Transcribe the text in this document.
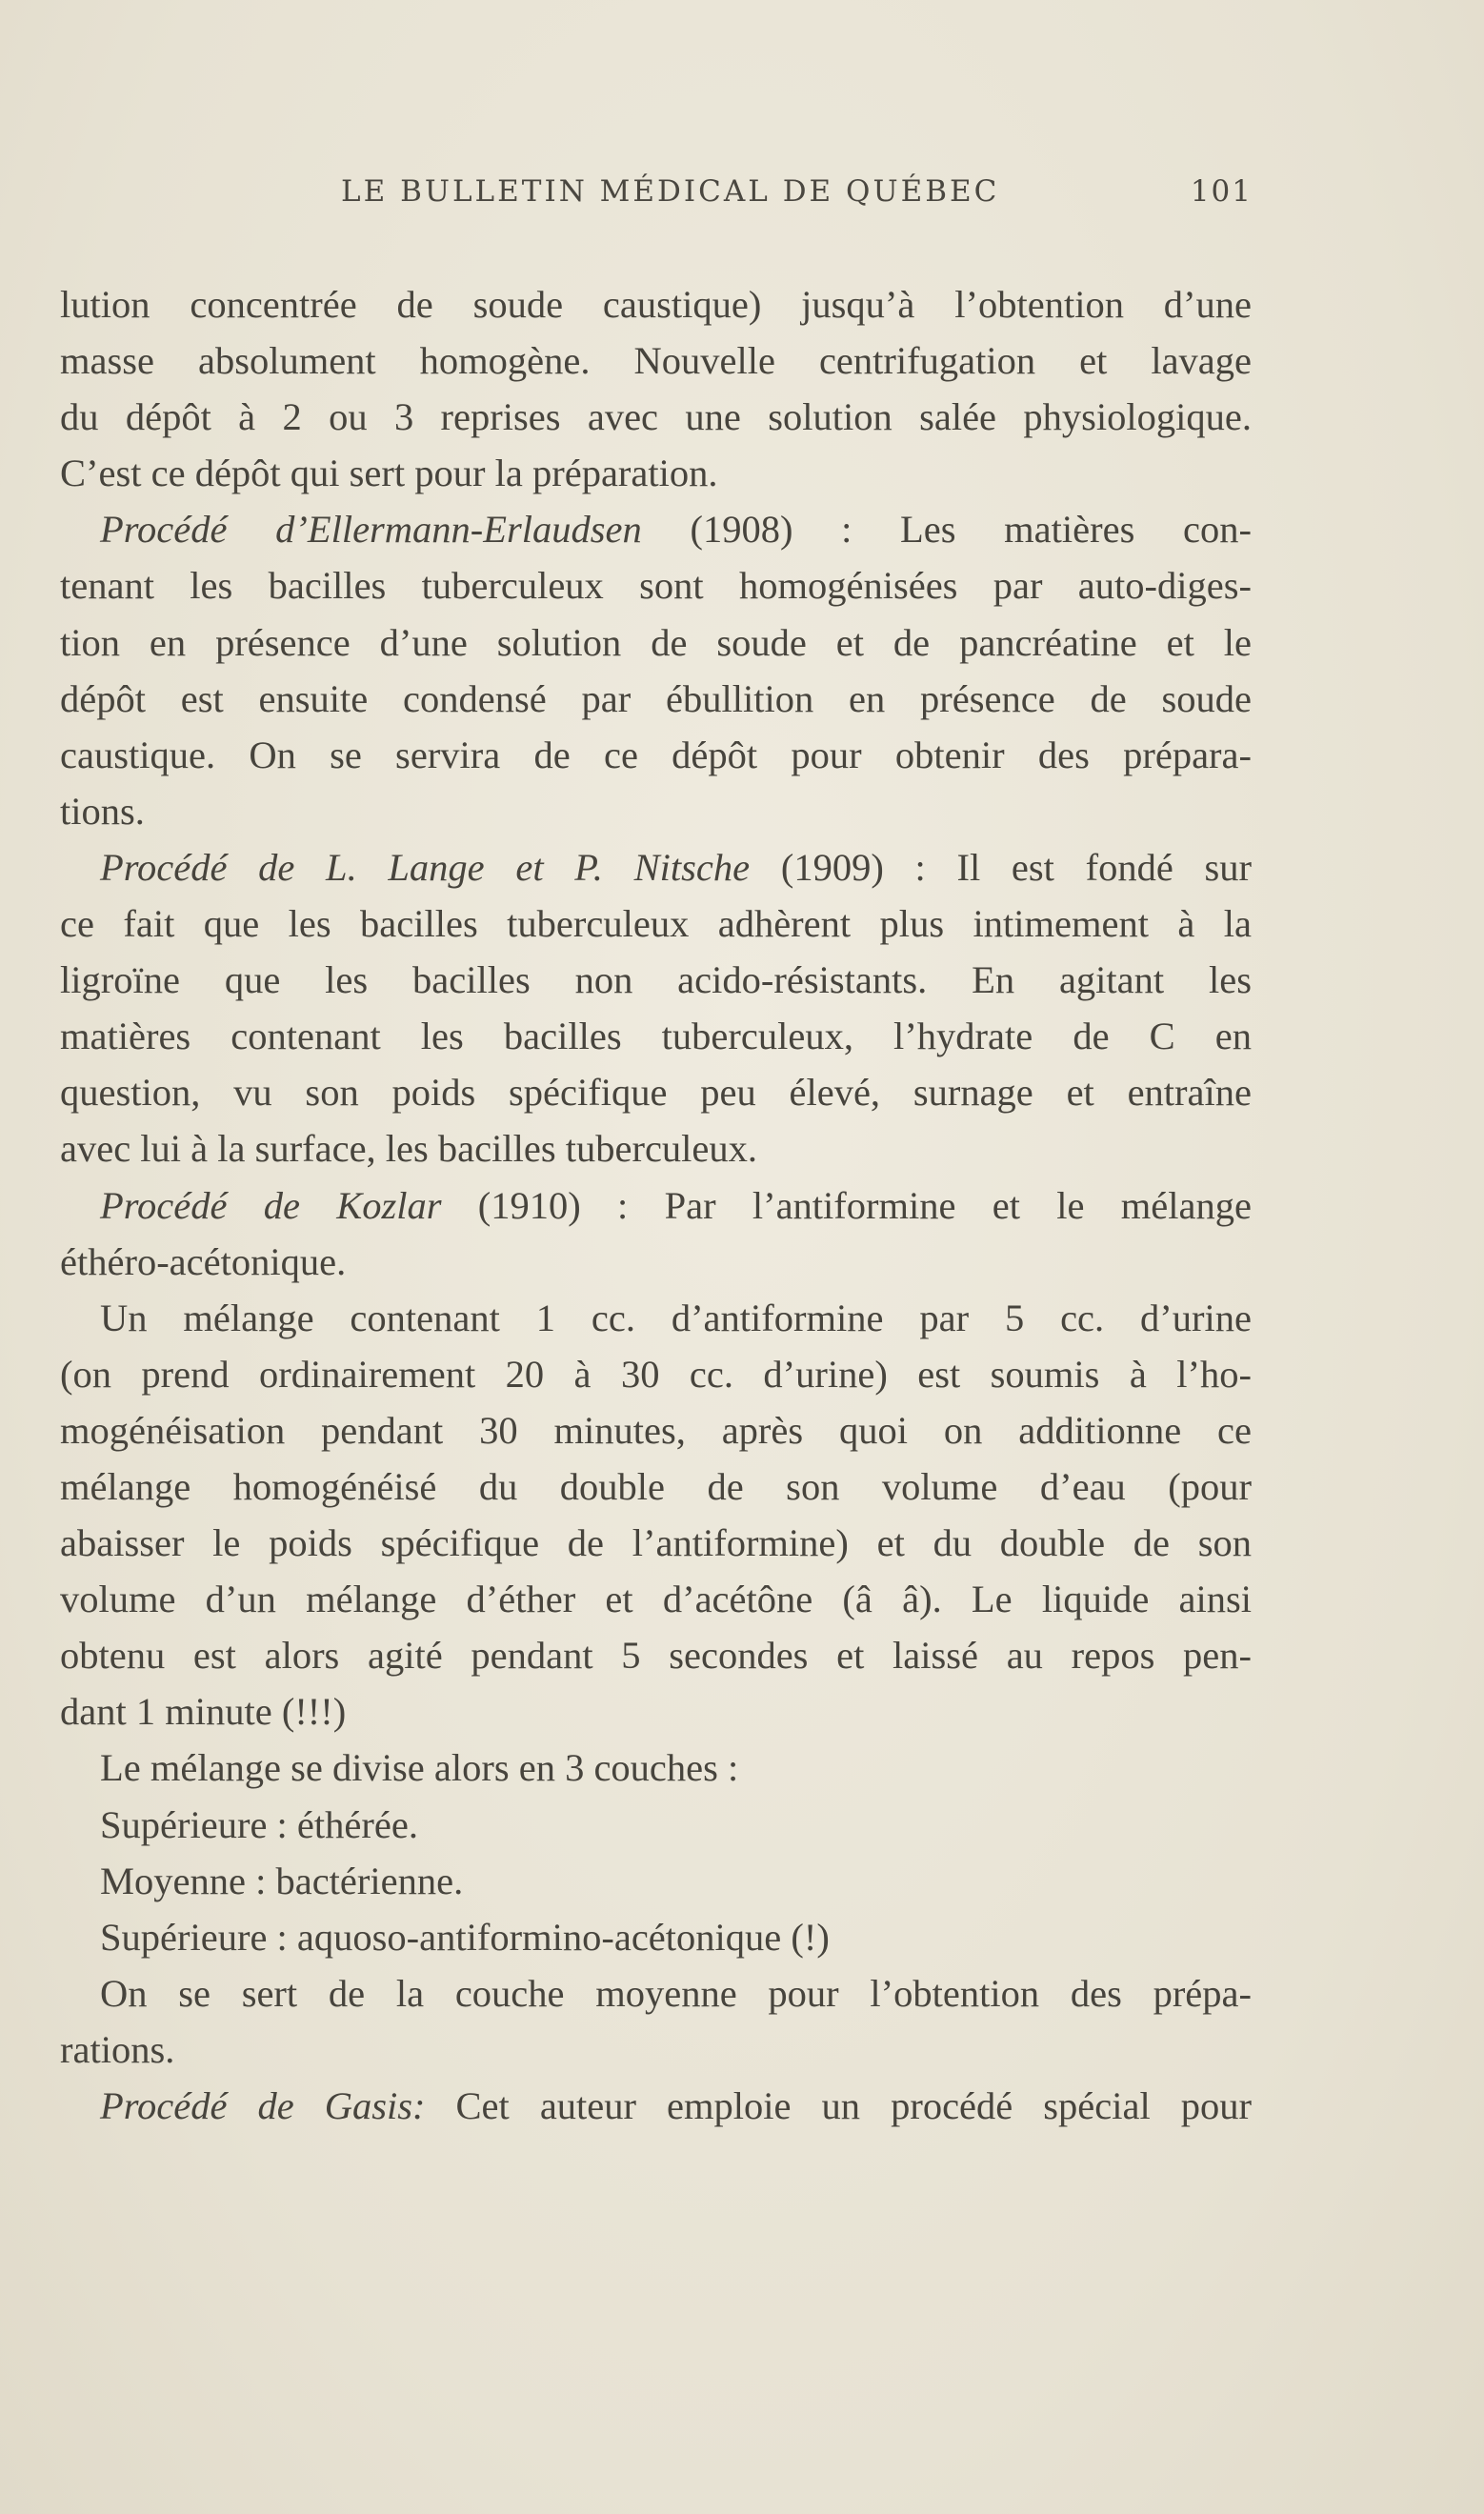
LE BULLETIN MÉDICAL DE QUÉBEC	101
lution concentrée de soude caustique) jusqu’à l’obtention d’une
masse absolument homogène. Nouvelle centrifugation et lavage
du dépôt à 2 ou 3 reprises avec une solution salée physiologique.
C’est ce dépôt qui sert pour la préparation.
Procédé d’Ellermann-Erlaudsen (1908) : Les matières con-
tenant les bacilles tuberculeux sont homogénisées par auto-diges-
tion en présence d’une solution de soude et de pancréatine et le
dépôt est ensuite condensé par ébullition en présence de soude
caustique. On se servira de ce dépôt pour obtenir des prépara-
tions.
Procédé de L. Lange et P. Nitsche (1909) : Il est fondé sur
ce fait que les bacilles tuberculeux adhèrent plus intimement à la
ligroïne que les bacilles non acido-résistants. En agitant les
matières contenant les bacilles tuberculeux, l’hydrate de C en
question, vu son poids spécifique peu élevé, surnage et entraîne
avec lui à la surface, les bacilles tuberculeux.
Procédé de Kozlar (1910) : Par l’antiformine et le mélange
éthéro-acétonique.
Un mélange contenant 1 cc. d’antiformine par 5 cc. d’urine
(on prend ordinairement 20 à 30 cc. d’urine) est soumis à l’ho-
mogénéisation pendant 30 minutes, après quoi on additionne ce
mélange homogénéisé du double de son volume d’eau (pour
abaisser le poids spécifique de l’antiformine) et du double de son
volume d’un mélange d’éther et d’acétône (â â). Le liquide ainsi
obtenu est alors agité pendant 5 secondes et laissé au repos pen-
dant 1 minute (!!!)
Le mélange se divise alors en 3 couches :
Supérieure : éthérée.
Moyenne : bactérienne.
Supérieure : aquoso-antiformino-acétonique (!)
On se sert de la couche moyenne pour l’obtention des prépa-
rations.
Procédé de Gasis: Cet auteur emploie un procédé spécial pour
